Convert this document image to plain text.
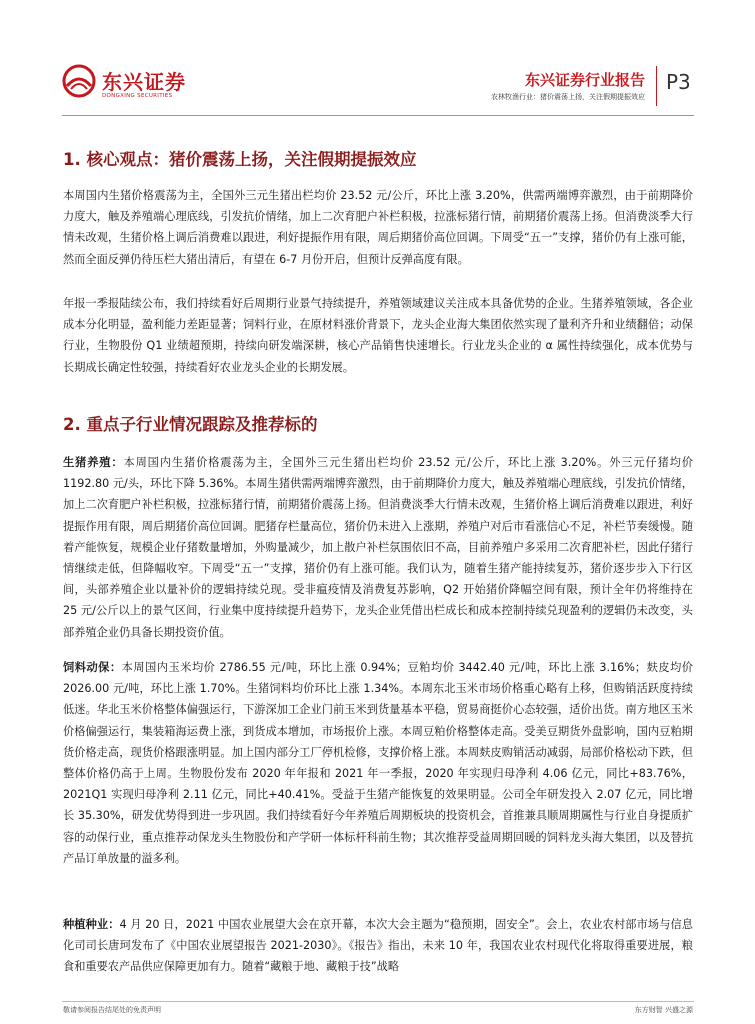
东兴证券
DONGXING SECURITIES
东兴证券行业报告
农林牧渔行业：猪价震荡上扬，关注假期提振效应
P3
1. 核心观点：猪价震荡上扬，关注假期提振效应
本周国内生猪价格震荡为主，全国外三元生猪出栏均价 23.52 元/公斤，环比上涨 3.20%，供需两端博弈激烈，由于前期降价力度大，触及养殖端心理底线，引发抗价情绪，加上二次育肥户补栏积极，拉涨标猪行情，前期猪价震荡上扬。但消费淡季大行情未改观，生猪价格上调后消费难以跟进，利好提振作用有限，周后期猪价高位回调。下周受“五一”支撑，猪价仍有上涨可能，然而全面反弹仍待压栏大猪出清后，有望在 6-7 月份开启，但预计反弹高度有限。
年报一季报陆续公布，我们持续看好后周期行业景气持续提升，养殖领域建议关注成本具备优势的企业。生猪养殖领域，各企业成本分化明显，盈利能力差距显著；饲料行业，在原材料涨价背景下，龙头企业海大集团依然实现了量利齐升和业绩翻倍；动保行业，生物股份 Q1 业绩超预期，持续向研发端深耕，核心产品销售快速增长。行业龙头企业的 α 属性持续强化，成本优势与长期成长确定性较强，持续看好农业龙头企业的长期发展。
2. 重点子行业情况跟踪及推荐标的
生猪养殖：本周国内生猪价格震荡为主，全国外三元生猪出栏均价 23.52 元/公斤，环比上涨 3.20%。外三元仔猪均价 1192.80 元/头，环比下降 5.36%。本周生猪供需两端博弈激烈，由于前期降价力度大，触及养殖端心理底线，引发抗价情绪，加上二次育肥户补栏积极，拉涨标猪行情，前期猪价震荡上扬。但消费淡季大行情未改观，生猪价格上调后消费难以跟进，利好提振作用有限，周后期猪价高位回调。肥猪存栏量高位，猪价仍未进入上涨期，养殖户对后市看涨信心不足，补栏节奏缓慢。随着产能恢复，规模企业仔猪数量增加，外购量减少，加上散户补栏氛围依旧不高，目前养殖户多采用二次育肥补栏，因此仔猪行情继续走低，但降幅收窄。下周受“五一”支撑，猪价仍有上涨可能。我们认为，随着生猪产能持续复苏，猪价逐步步入下行区间，头部养殖企业以量补价的逻辑持续兑现。受非瘟疫情及消费复苏影响，Q2 开始猪价降幅空间有限，预计全年仍将维持在 25 元/公斤以上的景气区间，行业集中度持续提升趋势下，龙头企业凭借出栏成长和成本控制持续兑现盈利的逻辑仍未改变，头部养殖企业仍具备长期投资价值。
饲料动保：本周国内玉米均价 2786.55 元/吨，环比上涨 0.94%；豆粕均价 3442.40 元/吨，环比上涨 3.16%；麸皮均价 2026.00 元/吨，环比上涨 1.70%。生猪饲料均价环比上涨 1.34%。本周东北玉米市场价格重心略有上移，但购销活跃度持续低迷。华北玉米价格整体偏强运行，下游深加工企业门前玉米到货量基本平稳，贸易商挺价心态较强，适价出货。南方地区玉米价格偏强运行，集装箱海运费上涨，到货成本增加，市场报价上涨。本周豆粕价格整体走高。受美豆期货外盘影响，国内豆粕期货价格走高，现货价格跟涨明显。加上国内部分工厂停机检修，支撑价格上涨。本周麸皮购销活动减弱，局部价格松动下跌，但整体价格仍高于上周。生物股份发布 2020 年年报和 2021 年一季报，2020 年实现归母净利 4.06 亿元，同比+83.76%，2021Q1 实现归母净利 2.11 亿元，同比+40.41%。受益于生猪产能恢复的效果明显。公司全年研发投入 2.07 亿元，同比增长 35.30%，研发优势得到进一步巩固。我们持续看好今年养殖后周期板块的投资机会，首推兼具顺周期属性与行业自身提质扩容的动保行业，重点推荐动保龙头生物股份和产学研一体标杆科前生物；其次推荐受益周期回暖的饲料龙头海大集团，以及替抗产品订单放量的溢多利。
种植种业：4 月 20 日，2021 中国农业展望大会在京开幕，本次大会主题为“稳预期，固安全”。会上，农业农村部市场与信息化司司长唐珂发布了《中国农业展望报告 2021-2030》。《报告》指出，未来 10 年，我国农业农村现代化将取得重要进展，粮食和重要农产品供应保障更加有力。随着“藏粮于地、藏粮于技”战略
敬请参阅报告结尾处的免责声明	东方财智 兴盛之源
